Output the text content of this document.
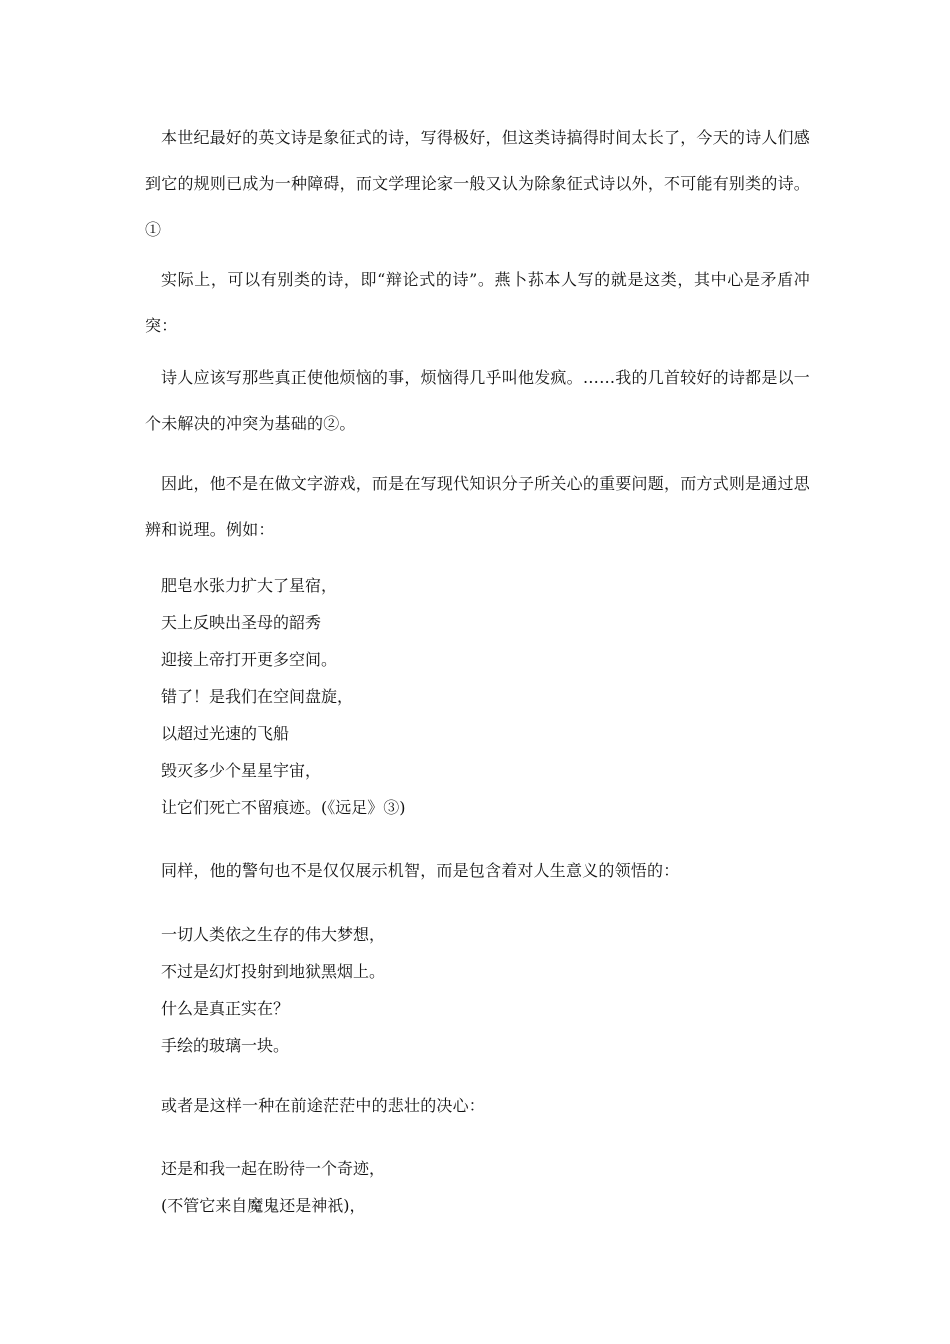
本世纪最好的英文诗是象征式的诗，写得极好，但这类诗搞得时间太长了，今天的诗人们感到它的规则已成为一种障碍，而文学理论家一般又认为除象征式诗以外，不可能有别类的诗。①

实际上，可以有别类的诗，即“辩论式的诗”。燕卜荪本人写的就是这类，其中心是矛盾冲突：

诗人应该写那些真正使他烦恼的事，烦恼得几乎叫他发疯。……我的几首较好的诗都是以一个未解决的冲突为基础的②。

因此，他不是在做文字游戏，而是在写现代知识分子所关心的重要问题，而方式则是通过思辨和说理。例如：

肥皂水张力扩大了星宿，
天上反映出圣母的韶秀
迎接上帝打开更多空间。
错了！是我们在空间盘旋，
以超过光速的飞船
毁灭多少个星星宇宙，
让它们死亡不留痕迹。(《远足》③)

同样，他的警句也不是仅仅展示机智，而是包含着对人生意义的领悟的：

一切人类依之生存的伟大梦想，
不过是幻灯投射到地狱黑烟上。
什么是真正实在？
手绘的玻璃一块。

或者是这样一种在前途茫茫中的悲壮的决心：

还是和我一起在盼待一个奇迹，
(不管它来自魔鬼还是神祇)，
